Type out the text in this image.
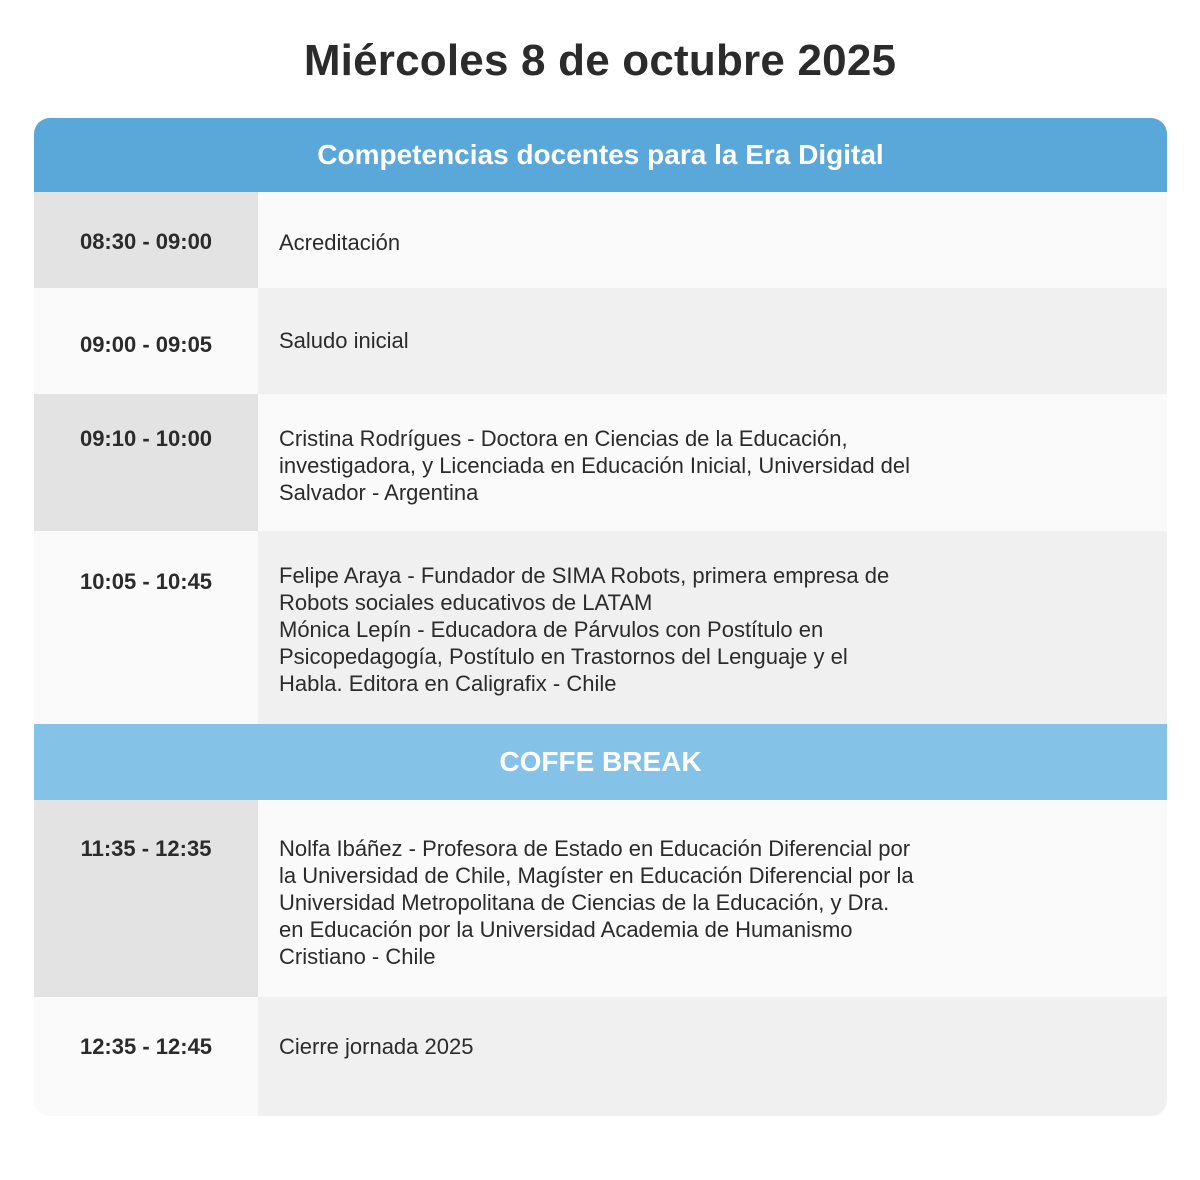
Miércoles 8 de octubre 2025
Competencias docentes para la Era Digital
08:30 - 09:00	Acreditación
09:00 - 09:05	Saludo inicial
09:10 - 10:00	Cristina Rodrígues - Doctora en Ciencias de la Educación,
investigadora, y Licenciada en Educación Inicial, Universidad del
Salvador - Argentina
10:05 - 10:45	Felipe Araya - Fundador de SIMA Robots, primera empresa de
Robots sociales educativos de LATAM
Mónica Lepín - Educadora de Párvulos con Postítulo en
Psicopedagogía, Postítulo en Trastornos del Lenguaje y el
Habla. Editora en Caligrafix - Chile
COFFE BREAK
11:35 - 12:35	Nolfa Ibáñez - Profesora de Estado en Educación Diferencial por
la Universidad de Chile, Magíster en Educación Diferencial por la
Universidad Metropolitana de Ciencias de la Educación, y Dra.
en Educación por la Universidad Academia de Humanismo
Cristiano - Chile
12:35 - 12:45	Cierre jornada 2025
